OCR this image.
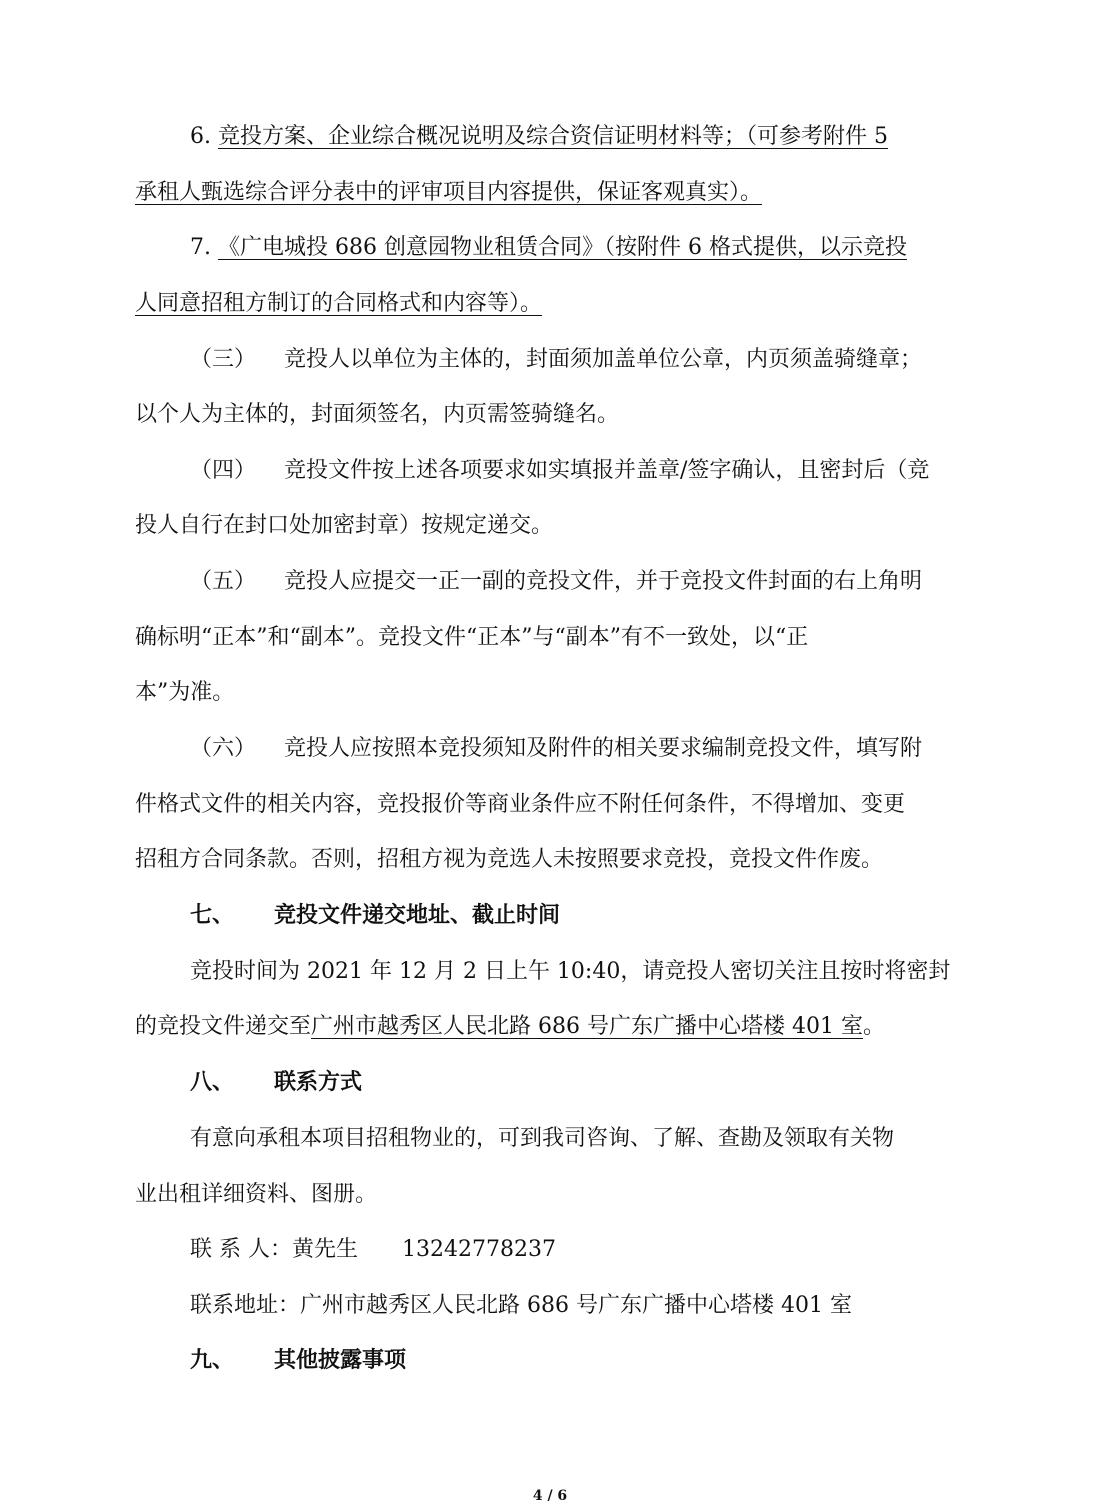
6. 竞投方案、企业综合概况说明及综合资信证明材料等；（可参考附件 5
承租人甄选综合评分表中的评审项目内容提供，保证客观真实）。
7. 《广电城投 686 创意园物业租赁合同》（按附件 6 格式提供，以示竞投
人同意招租方制订的合同格式和内容等）。
（三） 竞投人以单位为主体的，封面须加盖单位公章，内页须盖骑缝章；
以个人为主体的，封面须签名，内页需签骑缝名。
（四） 竞投文件按上述各项要求如实填报并盖章/签字确认，且密封后（竞
投人自行在封口处加密封章）按规定递交。
（五） 竞投人应提交一正一副的竞投文件，并于竞投文件封面的右上角明
确标明“正本”和“副本”。竞投文件“正本”与“副本”有不一致处，以“正
本”为准。
（六） 竞投人应按照本竞投须知及附件的相关要求编制竞投文件，填写附
件格式文件的相关内容，竞投报价等商业条件应不附任何条件，不得增加、变更
招租方合同条款。否则，招租方视为竞选人未按照要求竞投，竞投文件作废。
七、 竞投文件递交地址、截止时间
竞投时间为 2021 年 12 月 2 日上午 10:40，请竞投人密切关注且按时将密封
的竞投文件递交至广州市越秀区人民北路 686 号广东广播中心塔楼 401 室。
八、 联系方式
有意向承租本项目招租物业的，可到我司咨询、了解、查勘及领取有关物
业出租详细资料、图册。
联 系 人：黄先生 13242778237
联系地址：广州市越秀区人民北路 686 号广东广播中心塔楼 401 室
九、 其他披露事项
4 / 6
